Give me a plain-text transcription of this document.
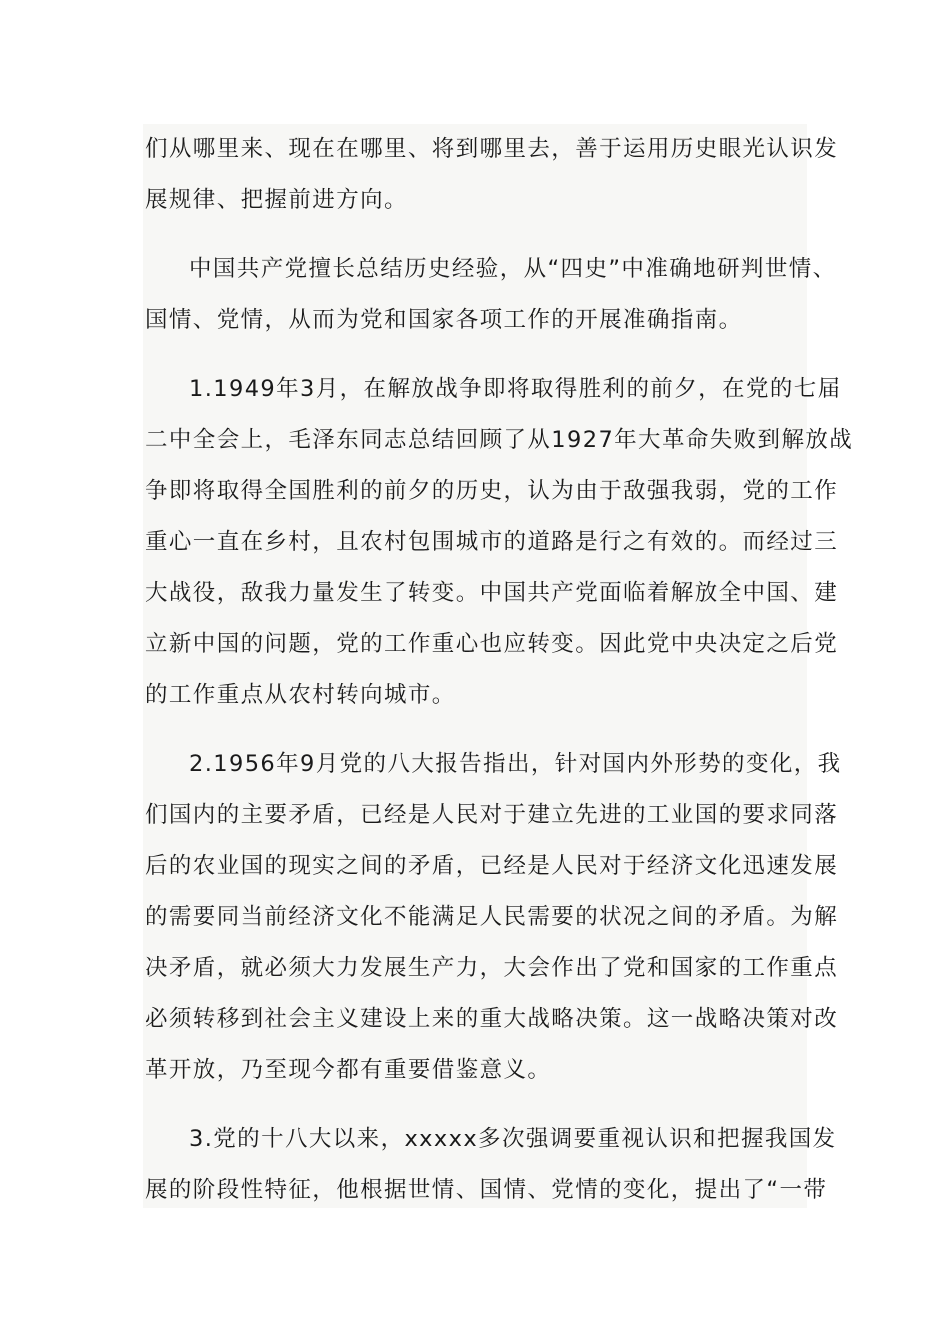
们从哪里来、现在在哪里、将到哪里去，善于运用历史眼光认识发
展规律、把握前进方向。

中国共产党擅长总结历史经验，从“四史”中准确地研判世情、
国情、党情，从而为党和国家各项工作的开展准确指南。

1.1949年3月，在解放战争即将取得胜利的前夕，在党的七届
二中全会上，毛泽东同志总结回顾了从1927年大革命失败到解放战
争即将取得全国胜利的前夕的历史，认为由于敌强我弱，党的工作
重心一直在乡村，且农村包围城市的道路是行之有效的。而经过三
大战役，敌我力量发生了转变。中国共产党面临着解放全中国、建
立新中国的问题，党的工作重心也应转变。因此党中央决定之后党
的工作重点从农村转向城市。

2.1956年9月党的八大报告指出，针对国内外形势的变化，我
们国内的主要矛盾，已经是人民对于建立先进的工业国的要求同落
后的农业国的现实之间的矛盾，已经是人民对于经济文化迅速发展
的需要同当前经济文化不能满足人民需要的状况之间的矛盾。为解
决矛盾，就必须大力发展生产力，大会作出了党和国家的工作重点
必须转移到社会主义建设上来的重大战略决策。这一战略决策对改
革开放，乃至现今都有重要借鉴意义。

3.党的十八大以来，xxxxx多次强调要重视认识和把握我国发
展的阶段性特征，他根据世情、国情、党情的变化，提出了“一带
